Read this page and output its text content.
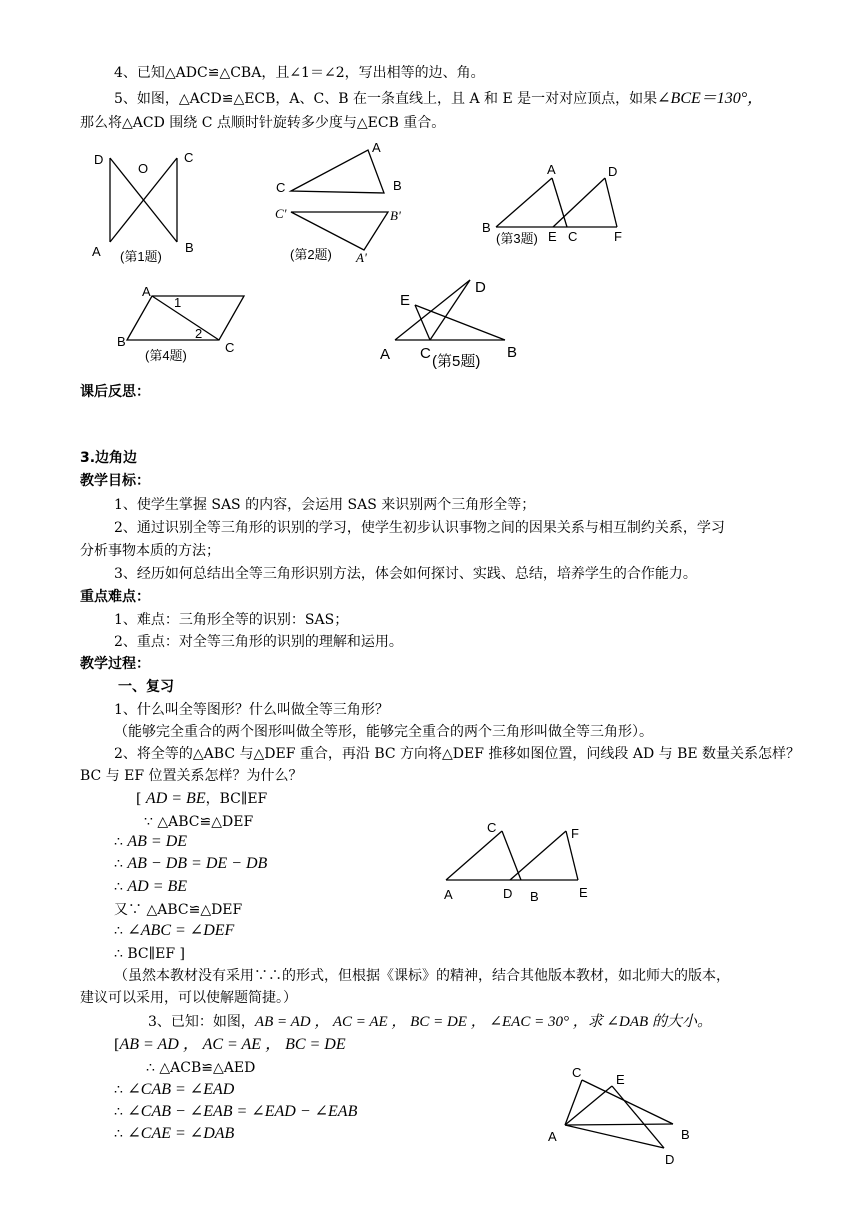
4、已知△ADC≌△CBA，且∠1＝∠2，写出相等的边、角。
5、如图，△ACD≌△ECB，A、C、B 在一条直线上，且 A 和 E 是一对对应顶点，如果∠BCE＝130°，
那么将△ACD 围绕 C 点顺时针旋转多少度与△ECB 重合。
D
O
C
A	B
(第1题)
A
C	B
C'	B'
A'
(第2题)
A	D
B
E C	F
(第3题)
A
1
2
B	C
(第4题)
D
E
A C	B
(第5题)
C	F
A	D B	E
C	E
A	B
D
课后反思：
3.边角边
教学目标：
1、使学生掌握 SAS 的内容，会运用 SAS 来识别两个三角形全等；
2、通过识别全等三角形的识别的学习，使学生初步认识事物之间的因果关系与相互制约关系，学习
分析事物本质的方法；
3、经历如何总结出全等三角形识别方法，体会如何探讨、实践、总结，培养学生的合作能力。
重点难点：
1、难点：三角形全等的识别：SAS；
2、重点：对全等三角形的识别的理解和运用。
教学过程：
一、复习
1、什么叫全等图形？什么叫做全等三角形？
（能够完全重合的两个图形叫做全等形，能够完全重合的两个三角形叫做全等三角形）。
2、将全等的△ABC 与△DEF 重合，再沿 BC 方向将△DEF 推移如图位置，问线段 AD 与 BE 数量关系怎样？
BC 与 EF 位置关系怎样？为什么？
[ AD = BE，BC∥EF
∵ △ABC≌△DEF
∴ AB = DE
∴ AB − DB = DE − DB
∴ AD = BE
又∵ △ABC≌△DEF
∴ ∠ABC = ∠DEF
∴ BC∥EF ]
（虽然本教材没有采用∵∴的形式，但根据《课标》的精神，结合其他版本教材，如北师大的版本，
建议可以采用，可以使解题简捷。）
3、已知：如图，AB = AD ， AC = AE ， BC = DE ， ∠EAC = 30° ，求 ∠DAB 的大小。
[AB = AD ， AC = AE ， BC = DE
∴ △ACB≌△AED
∴ ∠CAB = ∠EAD
∴ ∠CAB − ∠EAB = ∠EAD − ∠EAB
∴ ∠CAE = ∠DAB
